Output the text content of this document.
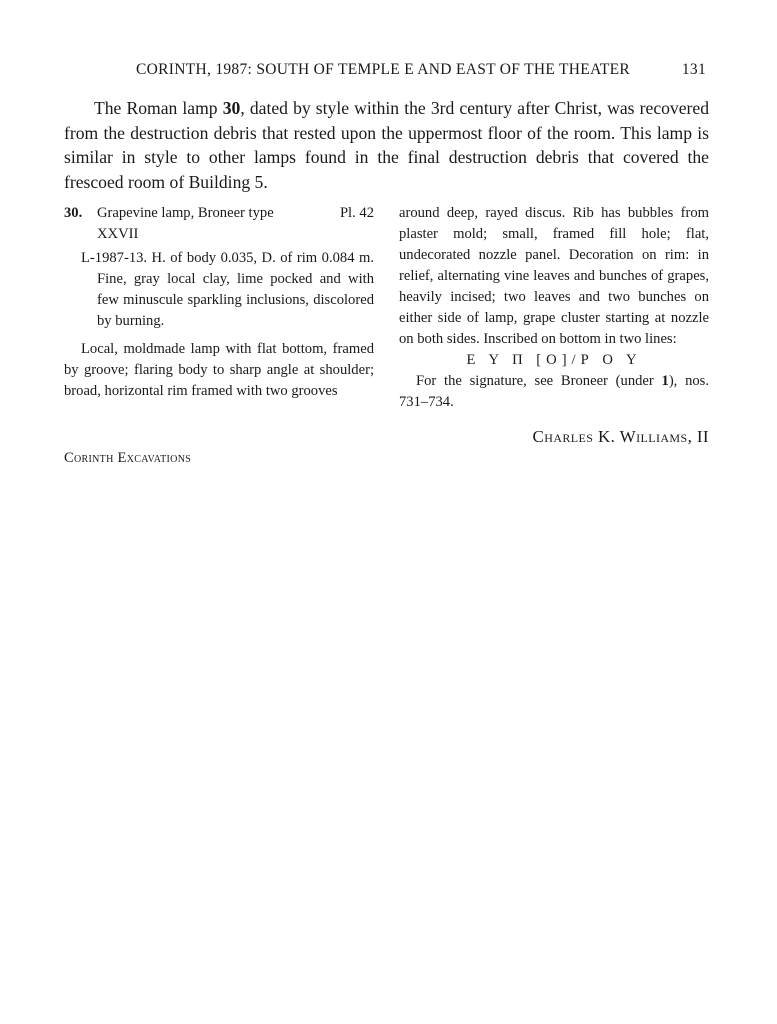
CORINTH, 1987: SOUTH OF TEMPLE E AND EAST OF THE THEATER	131

The Roman lamp 30, dated by style within the 3rd century after Christ, was recovered

from the destruction debris that rested upon the uppermost floor of the room. This lamp is similar in style to other lamps found in the final destruction debris that covered the frescoed room of Building 5.

30. Grapevine lamp, Broneer type
XXVII
Pl. 42
L-1987-13. H. of body 0.035, D. of rim 0.084 m. Fine, gray local clay, lime pocked and with few minuscule sparkling inclusions, discolored by burning.

Local, moldmade lamp with flat bottom, framed by groove; flaring body to sharp angle at shoulder; broad, horizontal rim framed with two grooves

around deep, rayed discus. Rib has bubbles from plaster mold; small, framed fill hole; flat, undecorated nozzle panel. Decoration on rim: in relief, alternating vine leaves and bunches of grapes, heavily incised; two leaves and two bunches on either side of lamp, grape cluster starting at nozzle on both sides. Inscribed on bottom in two lines:

Ε Υ Π [Ο]/Ρ Ο Υ

For the signature, see Broneer (under 1), nos. 731–734.

Charles K. Williams, II
Corinth Excavations
